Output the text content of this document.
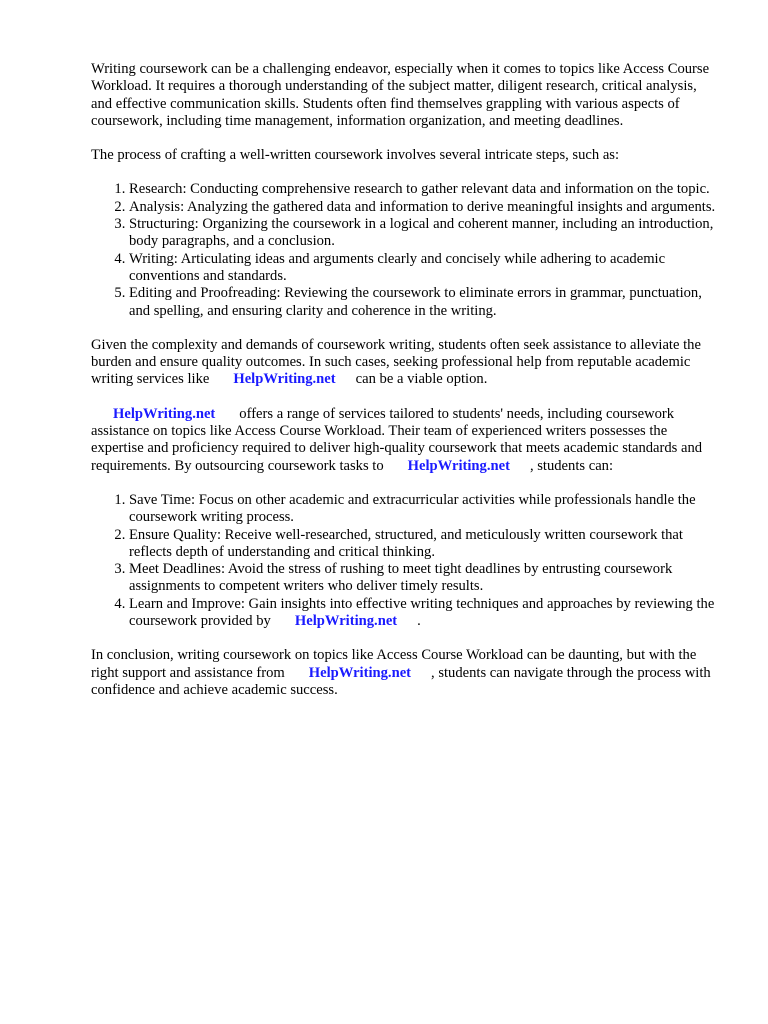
Writing coursework can be a challenging endeavor, especially when it comes to topics like Access Course Workload. It requires a thorough understanding of the subject matter, diligent research, critical analysis, and effective communication skills. Students often find themselves grappling with various aspects of coursework, including time management, information organization, and meeting deadlines.

The process of crafting a well-written coursework involves several intricate steps, such as:

1. Research: Conducting comprehensive research to gather relevant data and information on the topic.
2. Analysis: Analyzing the gathered data and information to derive meaningful insights and arguments.
3. Structuring: Organizing the coursework in a logical and coherent manner, including an introduction, body paragraphs, and a conclusion.
4. Writing: Articulating ideas and arguments clearly and concisely while adhering to academic conventions and standards.
5. Editing and Proofreading: Reviewing the coursework to eliminate errors in grammar, punctuation, and spelling, and ensuring clarity and coherence in the writing.

Given the complexity and demands of coursework writing, students often seek assistance to alleviate the burden and ensure quality outcomes. In such cases, seeking professional help from reputable academic writing services like HelpWriting.net can be a viable option.

HelpWriting.net offers a range of services tailored to students' needs, including coursework assistance on topics like Access Course Workload. Their team of experienced writers possesses the expertise and proficiency required to deliver high-quality coursework that meets academic standards and requirements. By outsourcing coursework tasks to HelpWriting.net , students can:

1. Save Time: Focus on other academic and extracurricular activities while professionals handle the coursework writing process.
2. Ensure Quality: Receive well-researched, structured, and meticulously written coursework that reflects depth of understanding and critical thinking.
3. Meet Deadlines: Avoid the stress of rushing to meet tight deadlines by entrusting coursework assignments to competent writers who deliver timely results.
4. Learn and Improve: Gain insights into effective writing techniques and approaches by reviewing the coursework provided by HelpWriting.net .

In conclusion, writing coursework on topics like Access Course Workload can be daunting, but with the right support and assistance from HelpWriting.net , students can navigate through the process with confidence and achieve academic success.
